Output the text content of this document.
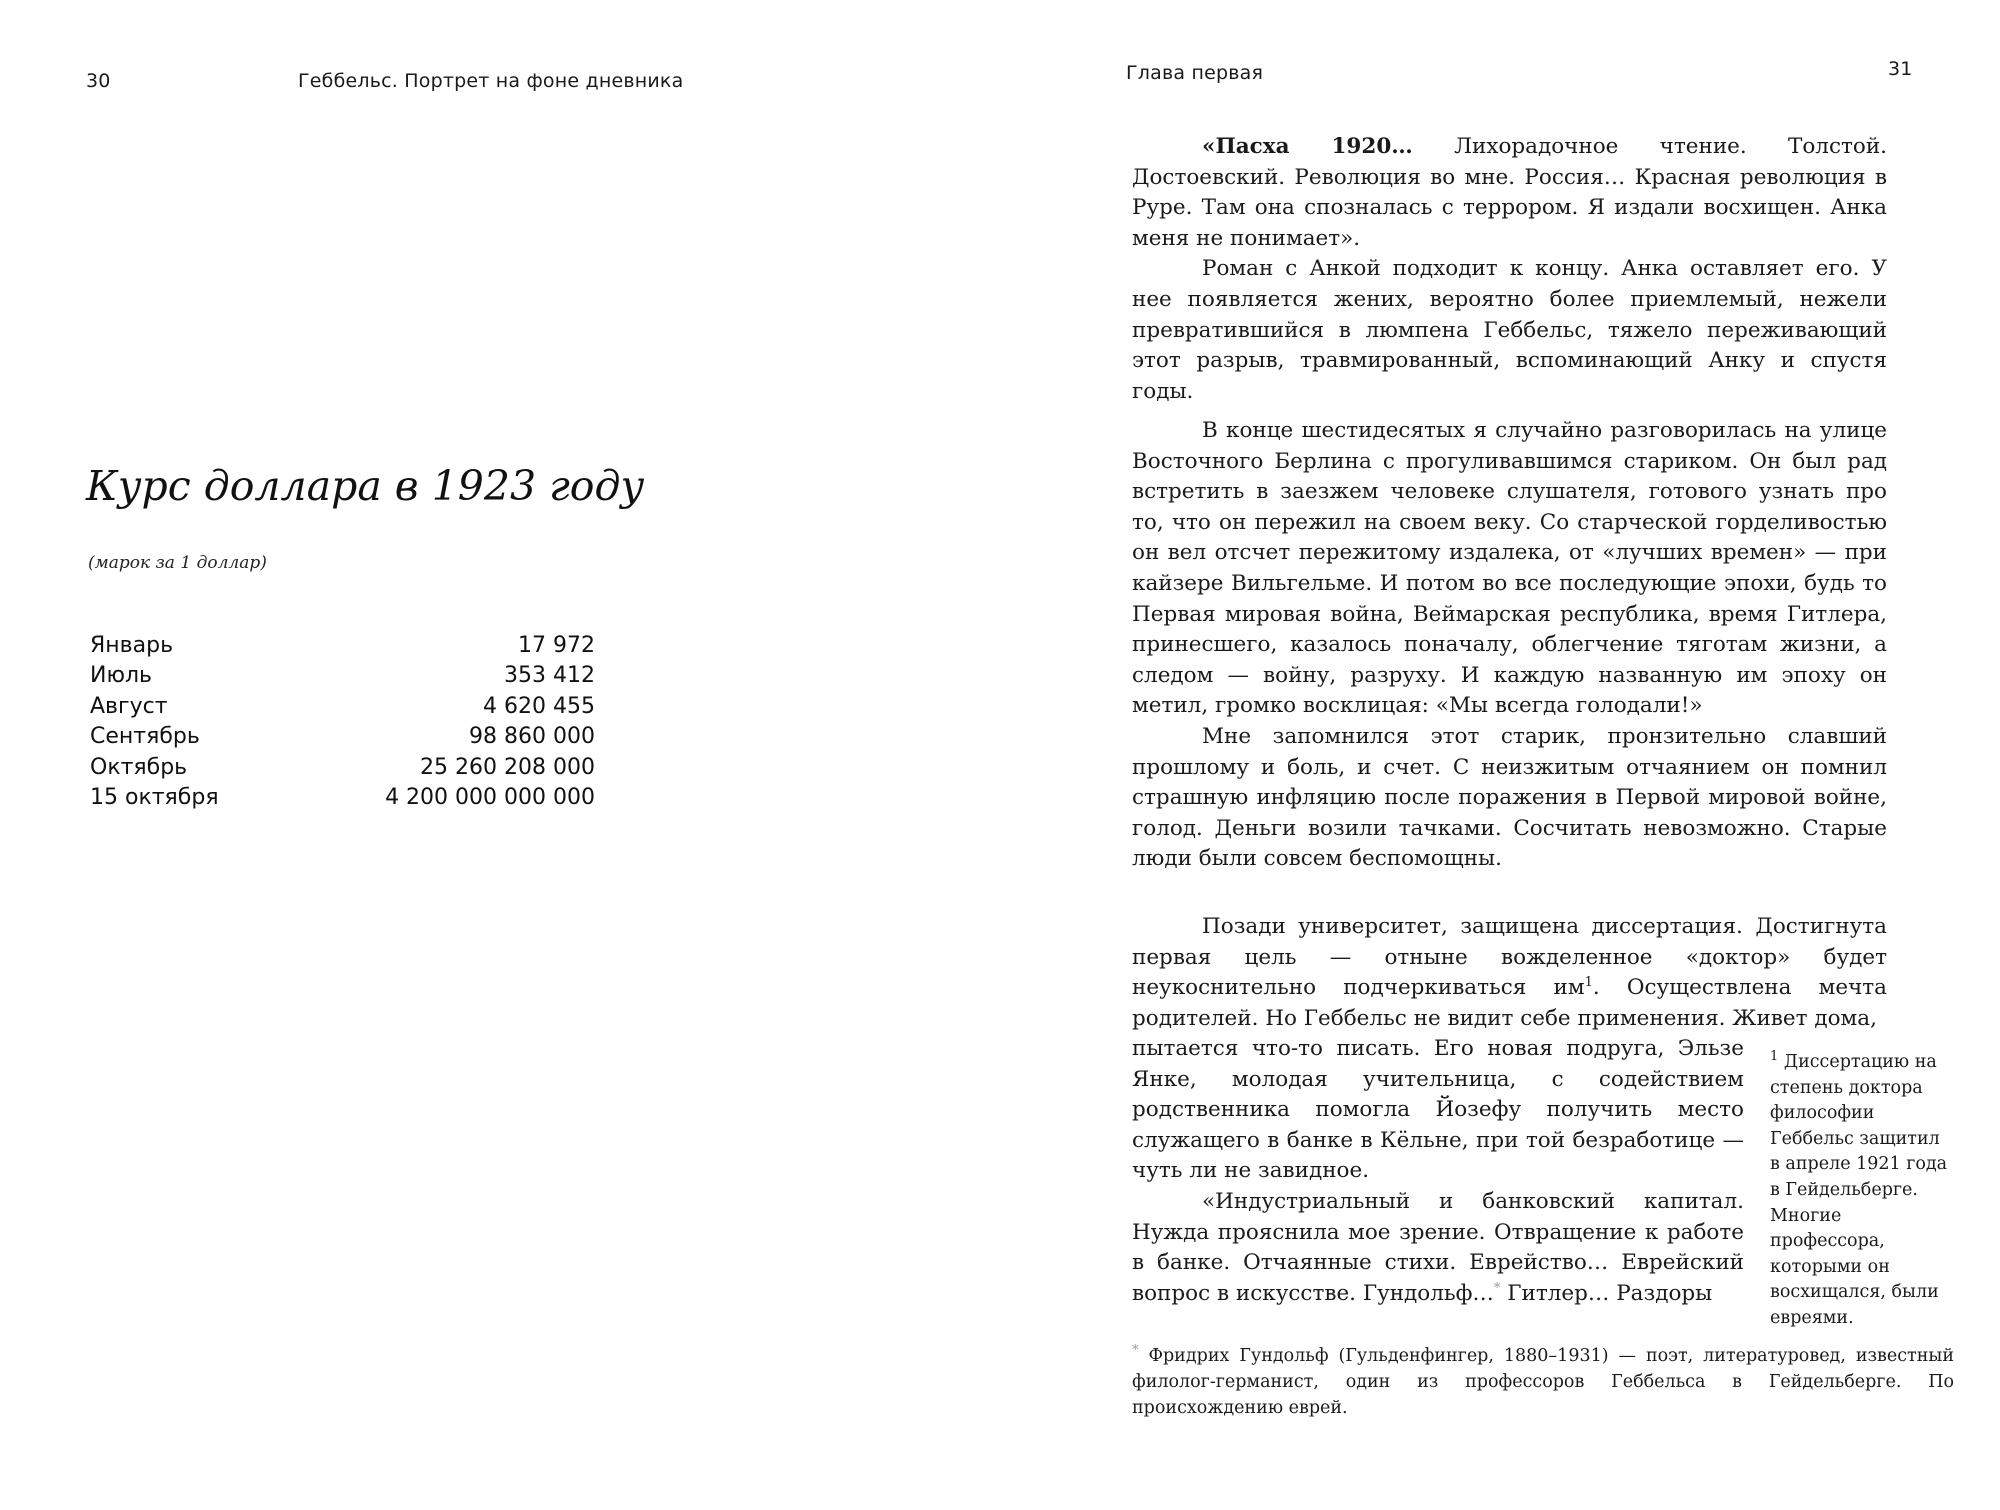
30	Геббельс. Портрет на фоне дневника
Курс доллара в 1923 году
(марок за 1 доллар)
Январь	17 972
Июль	353 412
Август	4 620 455
Сентябрь	98 860 000
Октябрь	25 260 208 000
15 октября	4 200 000 000 000
Глава первая	31

«Пасха 1920… Лихорадочное чтение. Толстой. Достоевский. Революция во мне. Россия… Красная революция в Руре. Там она спозналась с террором. Я издали восхищен. Анка меня не понимает».

Роман с Анкой подходит к концу. Анка оставляет его. У нее появляется жених, вероятно более приемлемый, нежели превратившийся в люмпена Геббельс, тяжело переживающий этот разрыв, травмированный, вспоминающий Анку и спустя годы.

В конце шестидесятых я случайно разговорилась на улице Восточного Берлина с прогуливавшимся стариком. Он был рад встретить в заезжем человеке слушателя, готового узнать про то, что он пережил на своем веку. Со старческой горделивостью он вел отсчет пережитому издалека, от «лучших времен» — при кайзере Вильгельме. И потом во все последующие эпохи, будь то Первая мировая война, Веймарская республика, время Гитлера, принесшего, казалось поначалу, облегчение тяготам жизни, а следом — войну, разруху. И каждую названную им эпоху он метил, громко восклицая: «Мы всегда голодали!»

Мне запомнился этот старик, пронзительно славший прошлому и боль, и счет. С неизжитым отчаянием он помнил страшную инфляцию после поражения в Первой мировой войне, голод. Деньги возили тачками. Сосчитать невозможно. Старые люди были совсем беспомощны.

Позади университет, защищена диссертация. Достигнута первая цель — отныне вожделенное «доктор» будет неукоснительно подчеркиваться $им^1$. Осуществлена мечта родителей. Но Геббельс не видит себе применения. Живет дома,

пытается что-то писать. Его новая подруга, Эльзе Янке, молодая учительница, с содействием родственника помогла Йозефу получить место служащего в банке в Кёльне, при той безработице — чуть ли не завидное.

«Индустриальный и банковский капитал. Нужда прояснила мое зрение. Отвращение к работе в банке. Отчаянные стихи. Еврейство… Еврейский вопрос в искусстве. Гундольф…* Гитлер… Раздоры

$^1$ Диссертацию на степень доктора философии Геббельс защитил в апреле 1921 года в Гейдельберге. Многие профессора, которыми он восхищался, были евреями.
* Фридрих Гундольф (Гульденфингер, 1880–1931) — поэт, литературовед, известный филолог-германист, один из профессоров Геббельса в Гейдельберге. По происхождению еврей.
